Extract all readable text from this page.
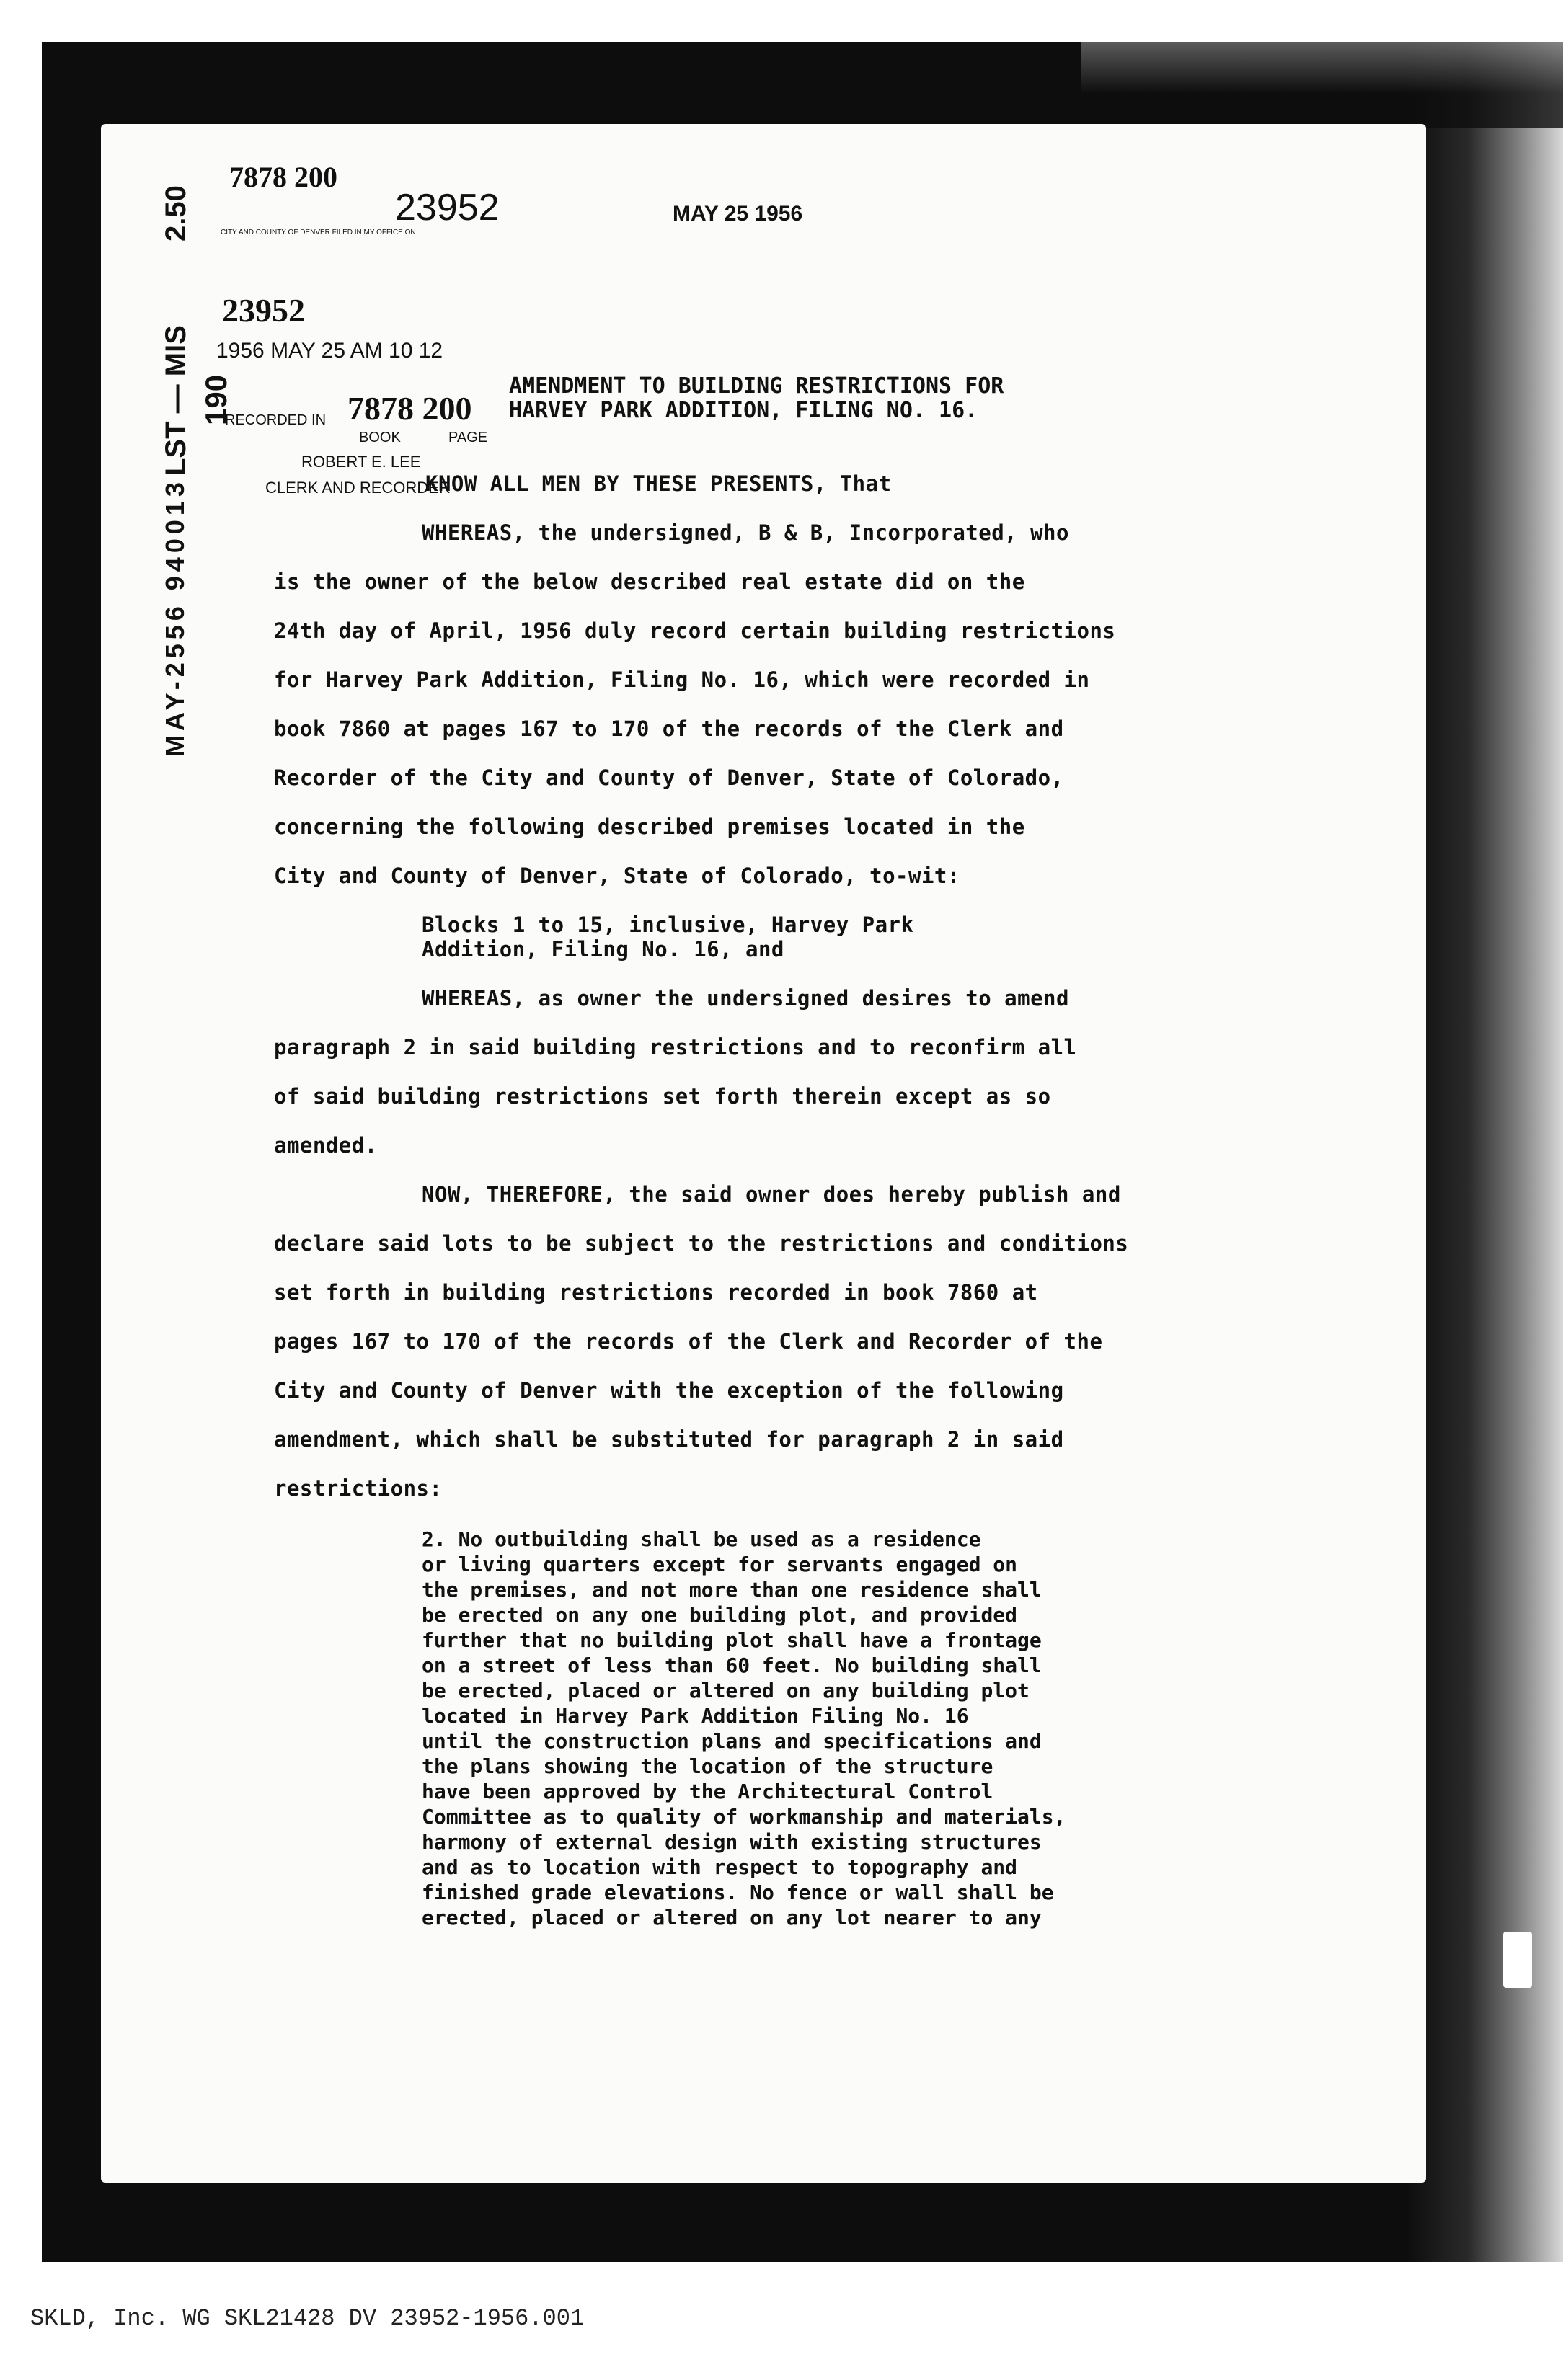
2.50
LST — MIS 190
MAY-2556 940013
7878 200
23952	MAY 25 1956
CITY AND COUNTY OF DENVER FILED IN MY OFFICE ON
23952
1956 MAY 25 AM 10 12
RECORDED IN 7878 200
BOOK	PAGE
ROBERT E. LEE
CLERK AND RECORDER
AMENDMENT TO BUILDING RESTRICTIONS FOR
HARVEY PARK ADDITION, FILING NO. 16.
KNOW ALL MEN BY THESE PRESENTS, That
WHEREAS, the undersigned, B & B, Incorporated, who
is the owner of the below described real estate did on the
24th day of April, 1956 duly record certain building restrictions
for Harvey Park Addition, Filing No. 16, which were recorded in
book 7860 at pages 167 to 170 of the records of the Clerk and
Recorder of the City and County of Denver, State of Colorado,
concerning the following described premises located in the
City and County of Denver, State of Colorado, to-wit:
Blocks 1 to 15, inclusive, Harvey Park
Addition, Filing No. 16, and
WHEREAS, as owner the undersigned desires to amend
paragraph 2 in said building restrictions and to reconfirm all
of said building restrictions set forth therein except as so
amended.
NOW, THEREFORE, the said owner does hereby publish and
declare said lots to be subject to the restrictions and conditions
set forth in building restrictions recorded in book 7860 at
pages 167 to 170 of the records of the Clerk and Recorder of the
City and County of Denver with the exception of the following
amendment, which shall be substituted for paragraph 2 in said
restrictions:
2. No outbuilding shall be used as a residence
or living quarters except for servants engaged on
the premises, and not more than one residence shall
be erected on any one building plot, and provided
further that no building plot shall have a frontage
on a street of less than 60 feet. No building shall
be erected, placed or altered on any building plot
located in Harvey Park Addition Filing No. 16
until the construction plans and specifications and
the plans showing the location of the structure
have been approved by the Architectural Control
Committee as to quality of workmanship and materials,
harmony of external design with existing structures
and as to location with respect to topography and
finished grade elevations. No fence or wall shall be
erected, placed or altered on any lot nearer to any
SKLD, Inc. WG SKL21428 DV 23952-1956.001
